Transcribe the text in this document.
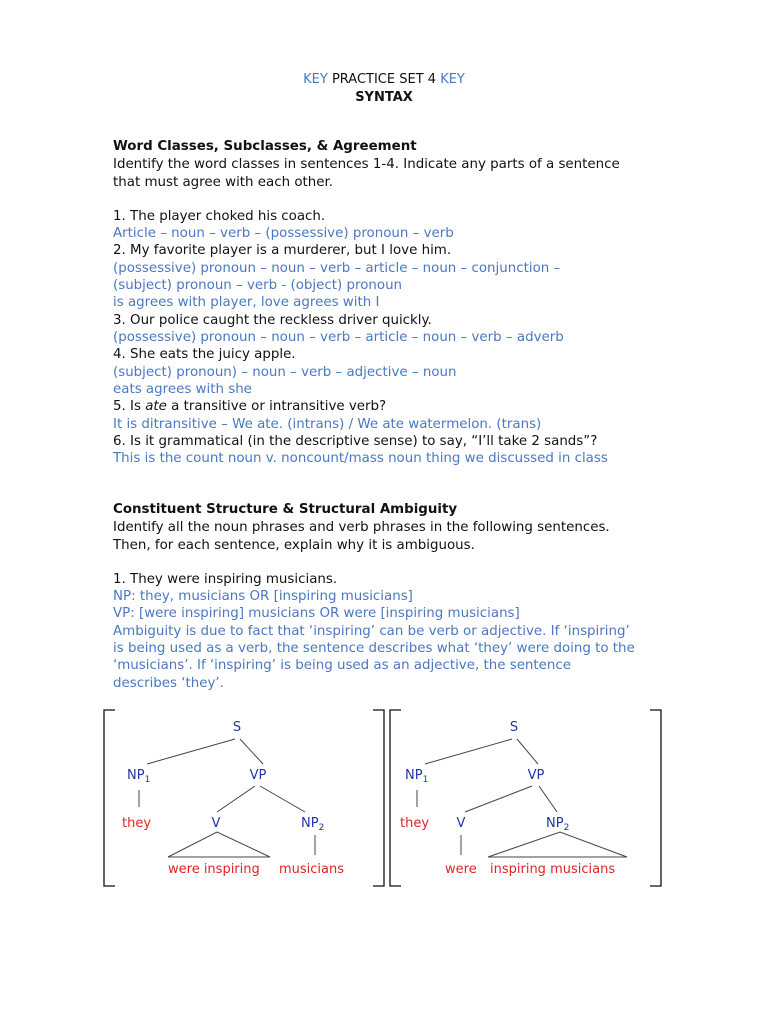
KEY PRACTICE SET 4 KEY
SYNTAX
Word Classes, Subclasses, & Agreement
Identify the word classes in sentences 1-4. Indicate any parts of a sentence
that must agree with each other.
1. The player choked his coach.
Article – noun – verb – (possessive) pronoun – verb
2. My favorite player is a murderer, but I love him.
(possessive) pronoun – noun – verb – article – noun – conjunction –
(subject) pronoun – verb - (object) pronoun
is agrees with player, love agrees with I
3. Our police caught the reckless driver quickly.
(possessive) pronoun – noun – verb – article – noun – verb – adverb
4. She eats the juicy apple.
(subject) pronoun) – noun – verb – adjective – noun
eats agrees with she
5. Is ate a transitive or intransitive verb?
It is ditransitive – We ate. (intrans) / We ate watermelon. (trans)
6. Is it grammatical (in the descriptive sense) to say, “I’ll take 2 sands”?
This is the count noun v. noncount/mass noun thing we discussed in class
Constituent Structure & Structural Ambiguity
Identify all the noun phrases and verb phrases in the following sentences.
Then, for each sentence, explain why it is ambiguous.
1. They were inspiring musicians.
NP: they, musicians OR [inspiring musicians]
VP: [were inspiring] musicians OR were [inspiring musicians]
Ambiguity is due to fact that ‘inspiring’ can be verb or adjective. If ‘inspiring’
is being used as a verb, the sentence describes what ‘they’ were doing to the
‘musicians’. If ‘inspiring’ is being used as an adjective, the sentence
describes ‘they’.
S
$NP_1$	VP
they	V	$NP_2$
were inspiring musicians
S
$NP_1$	VP
they V	$NP_2$
were inspiring musicians
